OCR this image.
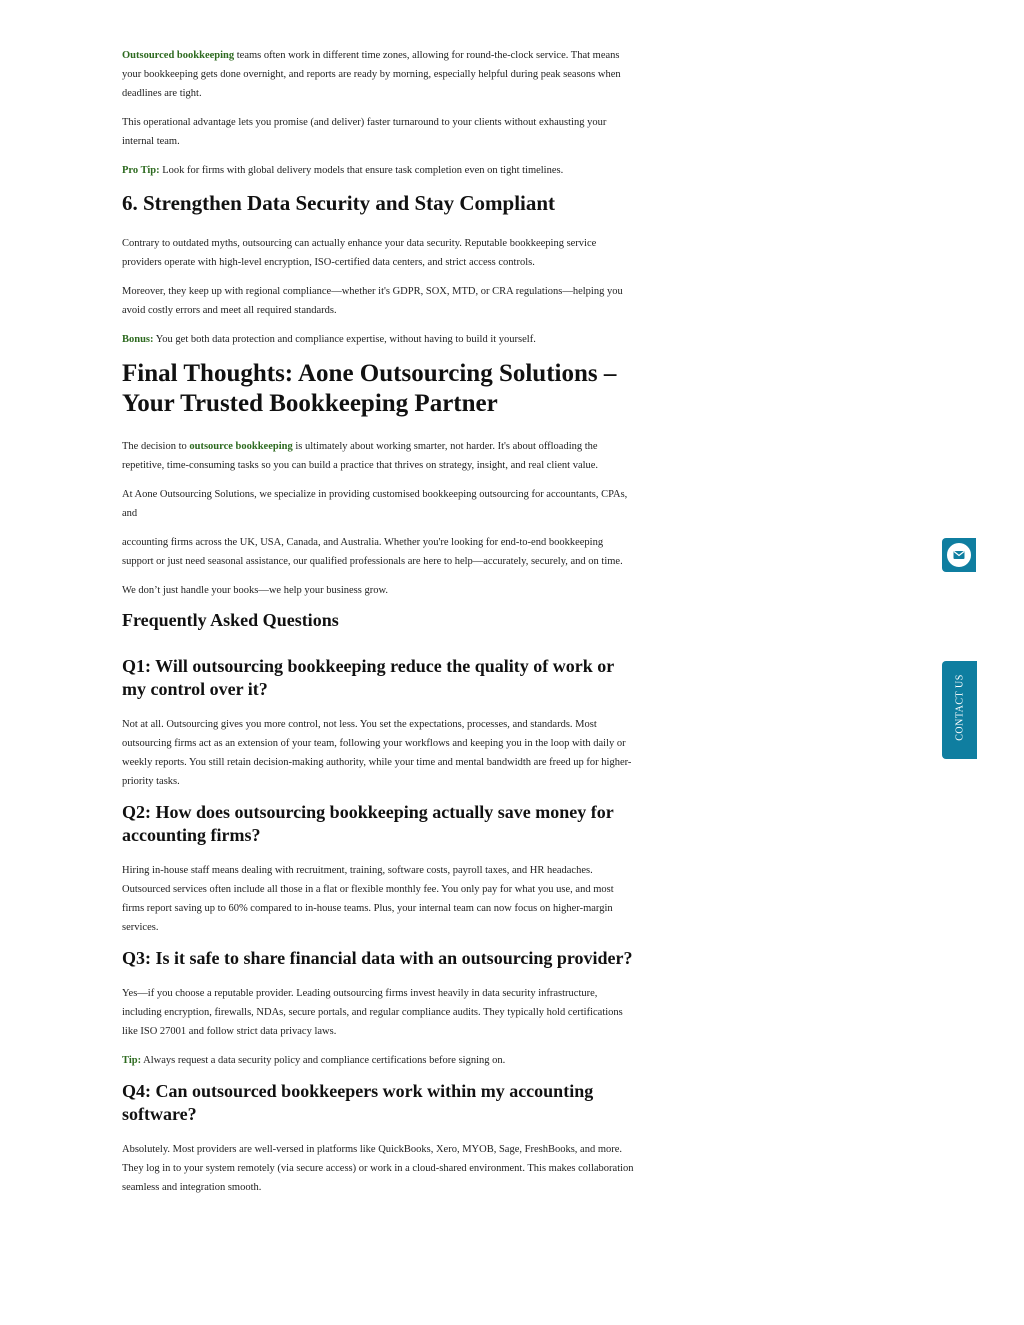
Outsourced bookkeeping teams often work in different time zones, allowing for round-the-clock service. That means your bookkeeping gets done overnight, and reports are ready by morning, especially helpful during peak seasons when deadlines are tight.

This operational advantage lets you promise (and deliver) faster turnaround to your clients without exhausting your internal team.

Pro Tip: Look for firms with global delivery models that ensure task completion even on tight timelines.

6. Strengthen Data Security and Stay Compliant

Contrary to outdated myths, outsourcing can actually enhance your data security. Reputable bookkeeping service providers operate with high-level encryption, ISO-certified data centers, and strict access controls.

Moreover, they keep up with regional compliance—whether it's GDPR, SOX, MTD, or CRA regulations—helping you avoid costly errors and meet all required standards.

Bonus: You get both data protection and compliance expertise, without having to build it yourself.

Final Thoughts: Aone Outsourcing Solutions – Your Trusted Bookkeeping Partner

The decision to outsource bookkeeping is ultimately about working smarter, not harder. It's about offloading the repetitive, time-consuming tasks so you can build a practice that thrives on strategy, insight, and real client value.

At Aone Outsourcing Solutions, we specialize in providing customised bookkeeping outsourcing for accountants, CPAs, and

accounting firms across the UK, USA, Canada, and Australia. Whether you're looking for end-to-end bookkeeping support or just need seasonal assistance, our qualified professionals are here to help—accurately, securely, and on time.

We don’t just handle your books—we help your business grow.

Frequently Asked Questions
Q1: Will outsourcing bookkeeping reduce the quality of work or my control over it?

Not at all. Outsourcing gives you more control, not less. You set the expectations, processes, and standards. Most outsourcing firms act as an extension of your team, following your workflows and keeping you in the loop with daily or weekly reports. You still retain decision-making authority, while your time and mental bandwidth are freed up for higher-priority tasks.

Q2: How does outsourcing bookkeeping actually save money for accounting firms?

Hiring in-house staff means dealing with recruitment, training, software costs, payroll taxes, and HR headaches. Outsourced services often include all those in a flat or flexible monthly fee. You only pay for what you use, and most firms report saving up to 60% compared to in-house teams. Plus, your internal team can now focus on higher-margin services.

Q3: Is it safe to share financial data with an outsourcing provider?

Yes—if you choose a reputable provider. Leading outsourcing firms invest heavily in data security infrastructure, including encryption, firewalls, NDAs, secure portals, and regular compliance audits. They typically hold certifications like ISO 27001 and follow strict data privacy laws.

Tip: Always request a data security policy and compliance certifications before signing on.

Q4: Can outsourced bookkeepers work within my accounting software?

Absolutely. Most providers are well-versed in platforms like QuickBooks, Xero, MYOB, Sage, FreshBooks, and more. They log in to your system remotely (via secure access) or work in a cloud-shared environment. This makes collaboration seamless and integration smooth.

CONTACT US
